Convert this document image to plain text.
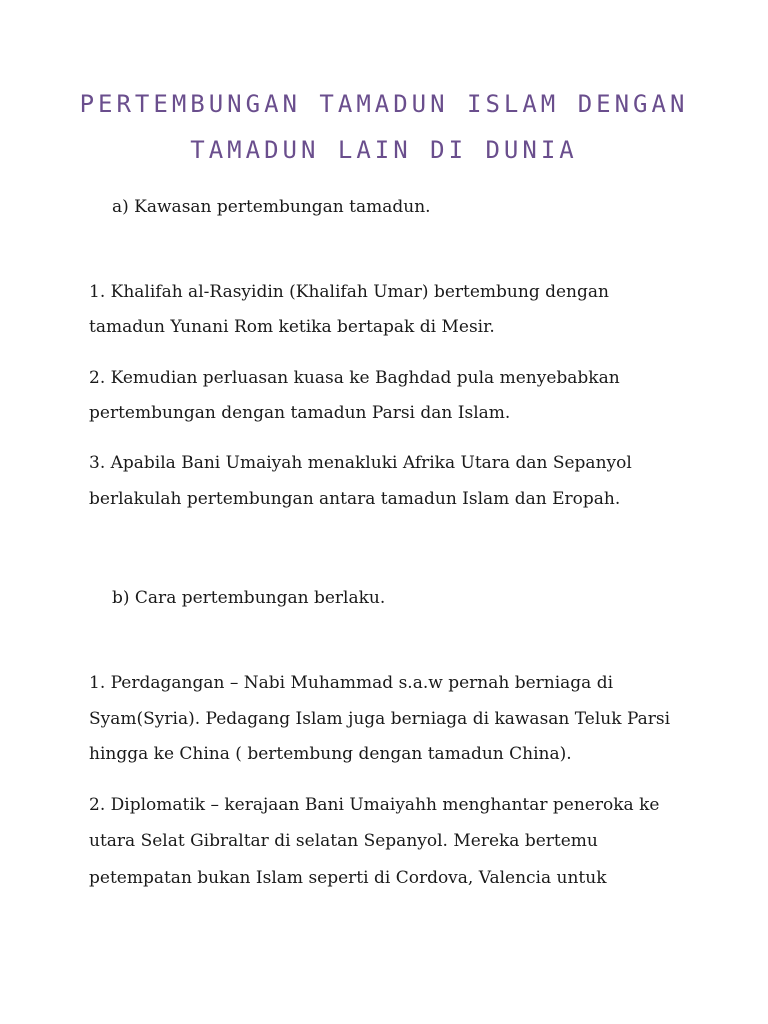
PERTEMBUNGAN TAMADUN ISLAM DENGAN
TAMADUN LAIN DI DUNIA
a) Kawasan pertembungan tamadun.
1. Khalifah al-Rasyidin (Khalifah Umar) bertembung dengan
tamadun Yunani Rom ketika bertapak di Mesir.
2. Kemudian perluasan kuasa ke Baghdad pula menyebabkan
pertembungan dengan tamadun Parsi dan Islam.
3. Apabila Bani Umaiyah menakluki Afrika Utara dan Sepanyol
berlakulah pertembungan antara tamadun Islam dan Eropah.
b) Cara pertembungan berlaku.
1. Perdagangan – Nabi Muhammad s.a.w pernah berniaga di
Syam(Syria). Pedagang Islam juga berniaga di kawasan Teluk Parsi
hingga ke China ( bertembung dengan tamadun China).
2. Diplomatik – kerajaan Bani Umaiyahh menghantar peneroka ke
utara Selat Gibraltar di selatan Sepanyol. Mereka bertemu
petempatan bukan Islam seperti di Cordova, Valencia untuk
